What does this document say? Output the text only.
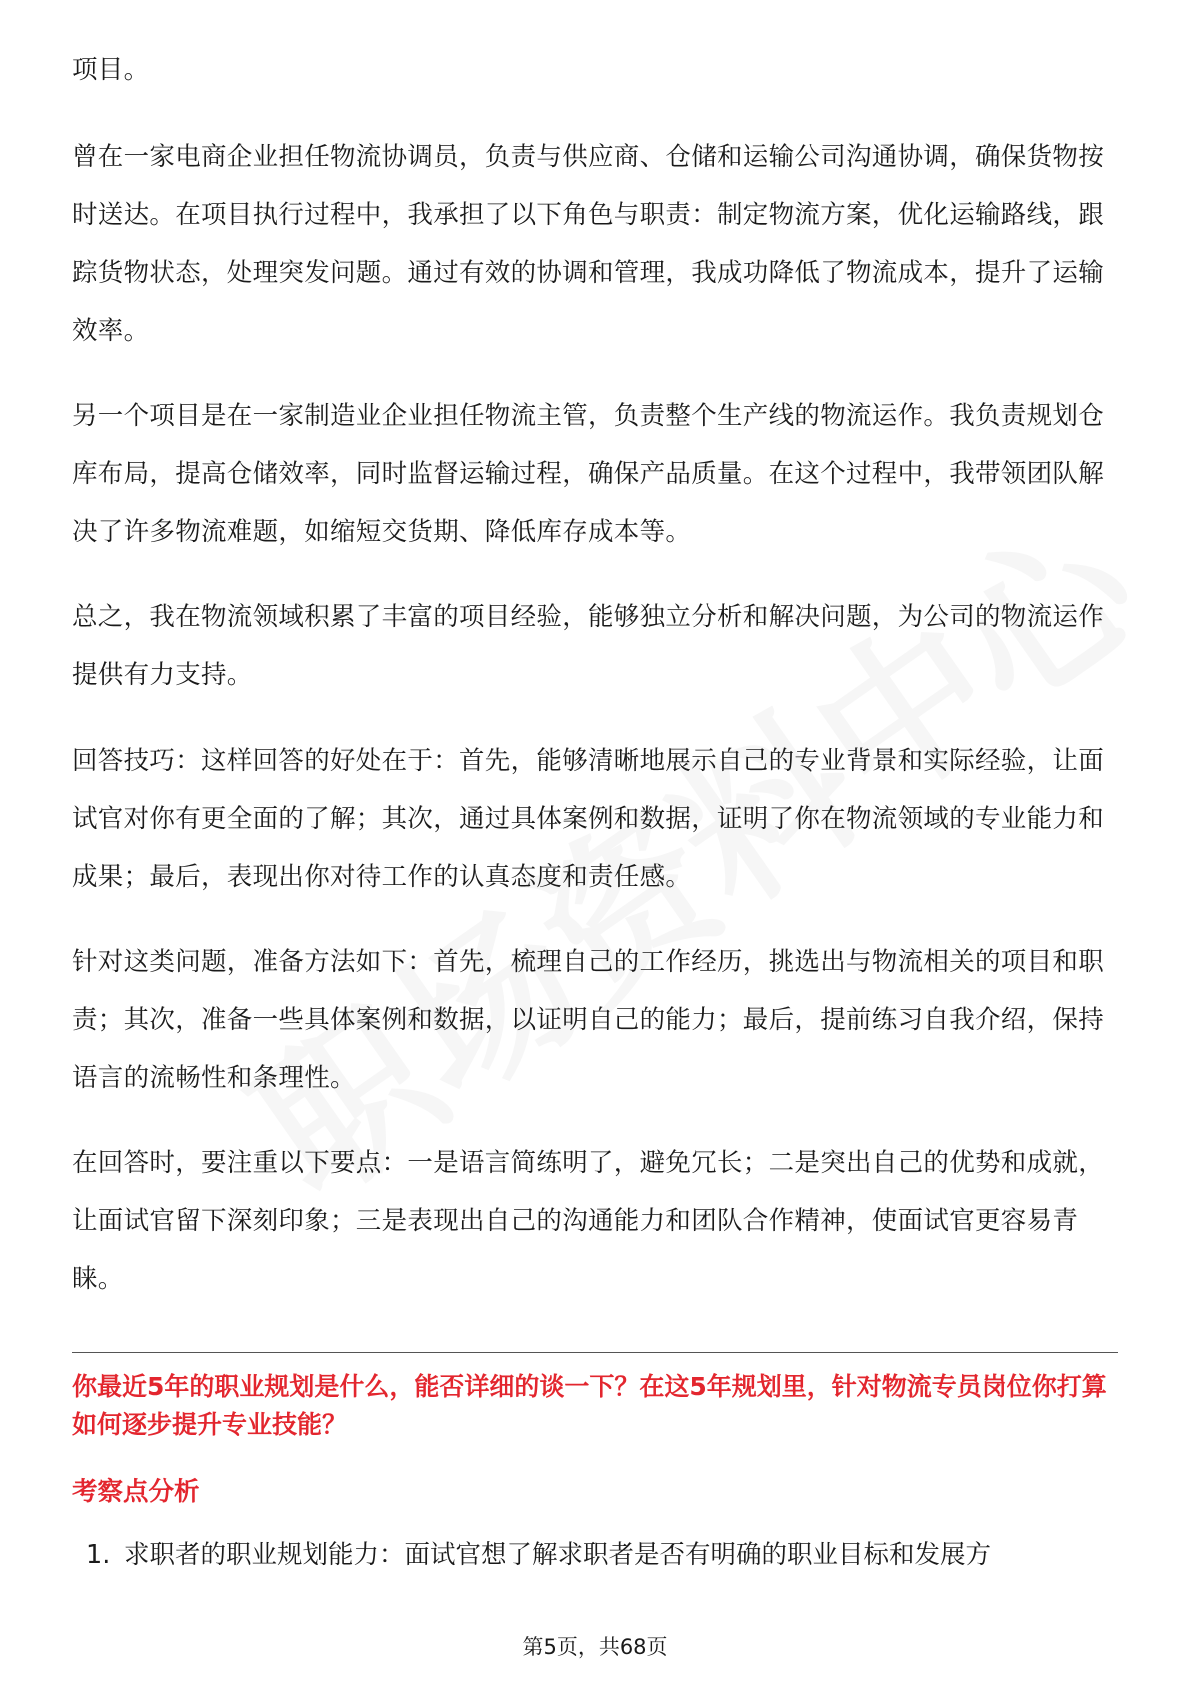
项目。

曾在一家电商企业担任物流协调员，负责与供应商、仓储和运输公司沟通协调，确保货物按时送达。在项目执行过程中，我承担了以下角色与职责：制定物流方案，优化运输路线，跟踪货物状态，处理突发问题。通过有效的协调和管理，我成功降低了物流成本，提升了运输效率。

另一个项目是在一家制造业企业担任物流主管，负责整个生产线的物流运作。我负责规划仓库布局，提高仓储效率，同时监督运输过程，确保产品质量。在这个过程中，我带领团队解决了许多物流难题，如缩短交货期、降低库存成本等。

总之，我在物流领域积累了丰富的项目经验，能够独立分析和解决问题，为公司的物流运作提供有力支持。

回答技巧：这样回答的好处在于：首先，能够清晰地展示自己的专业背景和实际经验，让面试官对你有更全面的了解；其次，通过具体案例和数据，证明了你在物流领域的专业能力和成果；最后，表现出你对待工作的认真态度和责任感。

针对这类问题，准备方法如下：首先，梳理自己的工作经历，挑选出与物流相关的项目和职责；其次，准备一些具体案例和数据，以证明自己的能力；最后，提前练习自我介绍，保持语言的流畅性和条理性。

在回答时，要注重以下要点：一是语言简练明了，避免冗长；二是突出自己的优势和成就，让面试官留下深刻印象；三是表现出自己的沟通能力和团队合作精神，使面试官更容易青睐。

你最近5年的职业规划是什么，能否详细的谈一下？在这5年规划里，针对物流专员岗位你打算如何逐步提升专业技能？

考察点分析

1. 求职者的职业规划能力：面试官想了解求职者是否有明确的职业目标和发展方

第5页，共68页
